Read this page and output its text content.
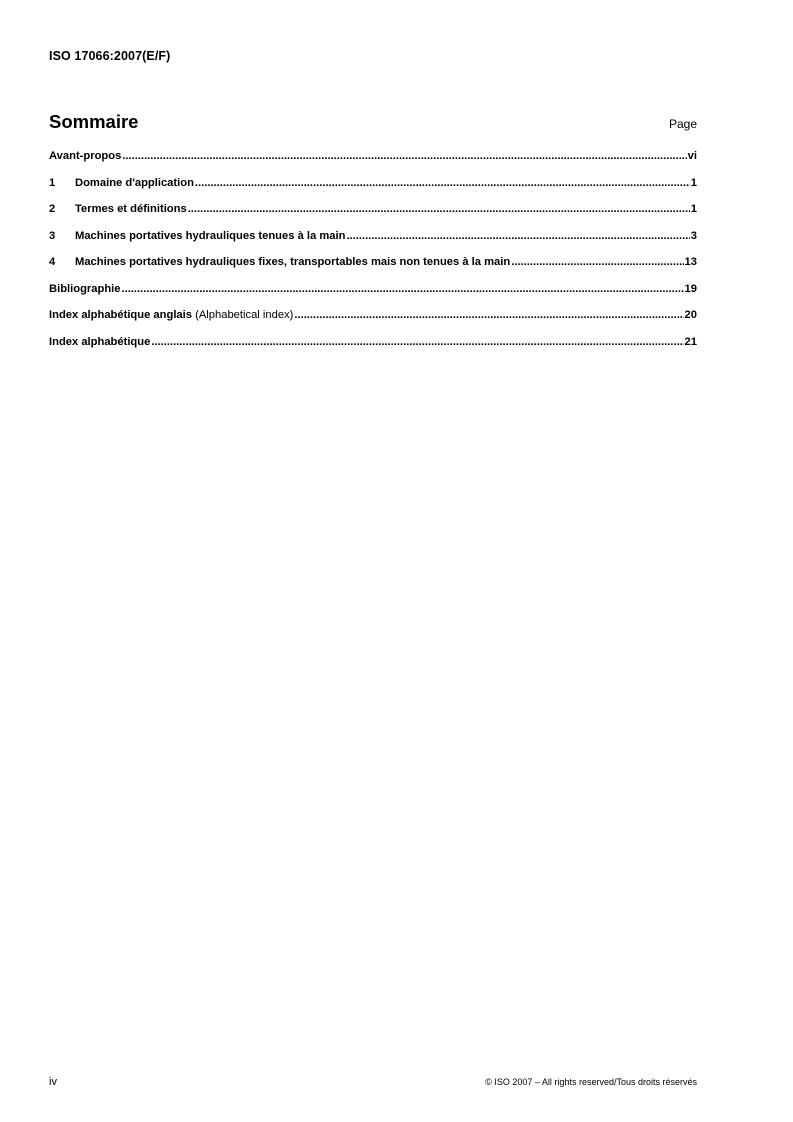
ISO 17066:2007(E/F)
Sommaire	Page
Avant-propos .....	vi
1	Domaine d'application .....	1
2	Termes et définitions .....	1
3	Machines portatives hydrauliques tenues à la main .....	3
4	Machines portatives hydrauliques fixes, transportables mais non tenues à la main .....	13
Bibliographie .....	19
Index alphabétique anglais (Alphabetical index) .....	20
Index alphabétique .....	21
iv	© ISO 2007 – All rights reserved/Tous droits réservés
